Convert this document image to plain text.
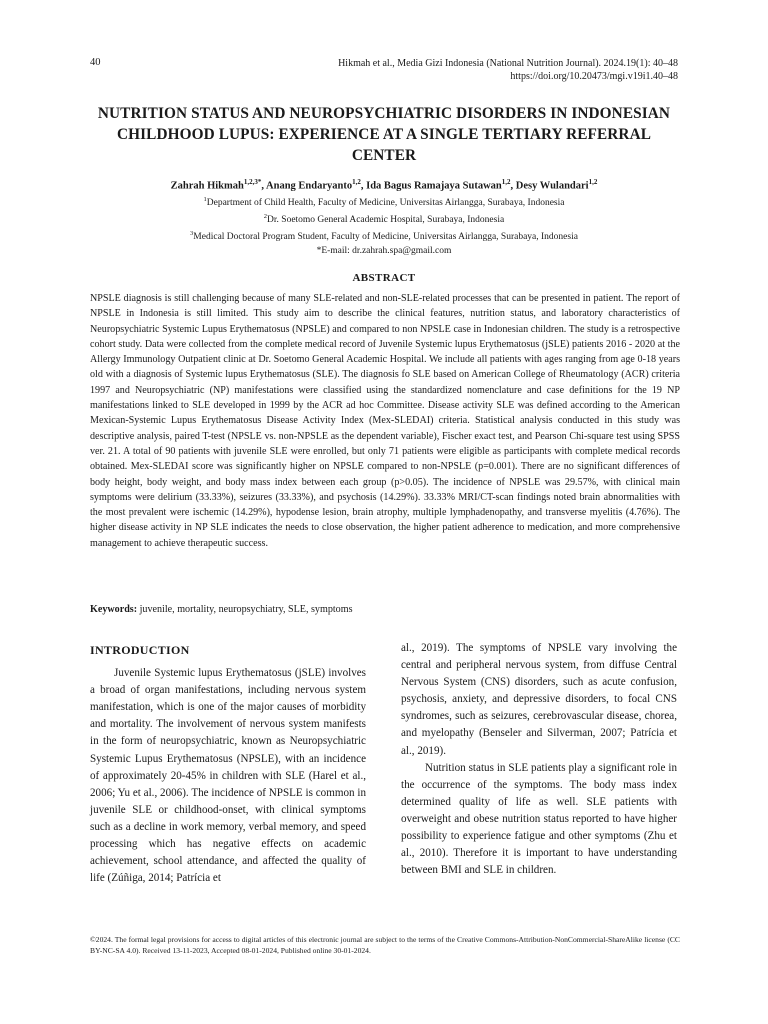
40	Hikmah et al., Media Gizi Indonesia (National Nutrition Journal). 2024.19(1): 40–48
https://doi.org/10.20473/mgi.v19i1.40–48
NUTRITION STATUS AND NEUROPSYCHIATRIC DISORDERS IN INDONESIAN CHILDHOOD LUPUS: EXPERIENCE AT A SINGLE TERTIARY REFERRAL CENTER
Zahrah Hikmah$^{1,2,3*}$, Anang Endaryanto$^{1,2}$, Ida Bagus Ramajaya Sutawan$^{1,2}$, Desy Wulandari$^{1,2}$
$^1$Department of Child Health, Faculty of Medicine, Universitas Airlangga, Surabaya, Indonesia
$^2$Dr. Soetomo General Academic Hospital, Surabaya, Indonesia
$^3$Medical Doctoral Program Student, Faculty of Medicine, Universitas Airlangga, Surabaya, Indonesia
*E-mail: dr.zahrah.spa@gmail.com
ABSTRACT
NPSLE diagnosis is still challenging because of many SLE-related and non-SLE-related processes that can be presented in patient. The report of NPSLE in Indonesia is still limited. This study aim to describe the clinical features, nutrition status, and laboratory characteristics of Neuropsychiatric Systemic Lupus Erythematosus (NPSLE) and compared to non NPSLE case in Indonesian children. The study is a retrospective cohort study. Data were collected from the complete medical record of Juvenile Systemic lupus Erythematosus (jSLE) patients 2016 - 2020 at the Allergy Immunology Outpatient clinic at Dr. Soetomo General Academic Hospital. We include all patients with ages ranging from age 0-18 years old with a diagnosis of Systemic lupus Erythematosus (SLE). The diagnosis fo SLE based on American College of Rheumatology (ACR) criteria 1997 and Neuropsychiatric (NP) manifestations were classified using the standardized nomenclature and case definitions for the 19 NP manifestations linked to SLE developed in 1999 by the ACR ad hoc Committee. Disease activity SLE was defined according to the American Mexican-Systemic Lupus Erythematosus Disease Activity Index (Mex-SLEDAI) criteria. Statistical analysis conducted in this study was descriptive analysis, paired T-test (NPSLE vs. non-NPSLE as the dependent variable), Fischer exact test, and Pearson Chi-square test using SPSS ver. 21. A total of 90 patients with juvenile SLE were enrolled, but only 71 patients were eligible as participants with complete medical records obtained. Mex-SLEDAI score was significantly higher on NPSLE compared to non-NPSLE (p=0.001). There are no significant differences of body height, body weight, and body mass index between each group (p>0.05). The incidence of NPSLE was 29.57%, with clinical main symptoms were delirium (33.33%), seizures (33.33%), and psychosis (14.29%). 33.33% MRI/CT-scan findings noted brain abnormalities with the most prevalent were ischemic (14.29%), hypodense lesion, brain atrophy, multiple lymphadenopathy, and transverse myelitis (4.76%). The higher disease activity in NP SLE indicates the needs to close observation, the higher patient adherence to medication, and more comprehensive management to achieve therapeutic success.
Keywords: juvenile, mortality, neuropsychiatry, SLE, symptoms
INTRODUCTION

Juvenile Systemic lupus Erythematosus (jSLE) involves a broad of organ manifestations, including nervous system manifestation, which is one of the major causes of morbidity and mortality. The involvement of nervous system manifests in the form of neuropsychiatric, known as Neuropsychiatric Systemic Lupus Erythematosus (NPSLE), with an incidence of approximately 20-45% in children with SLE (Harel et al., 2006; Yu et al., 2006). The incidence of NPSLE is common in juvenile SLE or childhood-onset, with clinical symptoms such as a decline in work memory, verbal memory, and speed processing which has negative effects on academic achievement, school attendance, and affected the quality of life (Zúñiga, 2014; Patrícia et

al., 2019). The symptoms of NPSLE vary involving the central and peripheral nervous system, from diffuse Central Nervous System (CNS) disorders, such as acute confusion, psychosis, anxiety, and depressive disorders, to focal CNS syndromes, such as seizures, cerebrovascular disease, chorea, and myelopathy (Benseler and Silverman, 2007; Patrícia et al., 2019).

Nutrition status in SLE patients play a significant role in the occurrence of the symptoms. The body mass index determined quality of life as well. SLE patients with overweight and obese nutrition status reported to have higher possibility to experience fatigue and other symptoms (Zhu et al., 2010). Therefore it is important to have understanding between BMI and SLE in children.

©2024. The formal legal provisions for access to digital articles of this electronic journal are subject to the terms of the Creative Commons-Attribution-NonCommercial-ShareAlike license (CC BY-NC-SA 4.0). Received 13-11-2023, Accepted 08-01-2024, Published online 30-01-2024.
